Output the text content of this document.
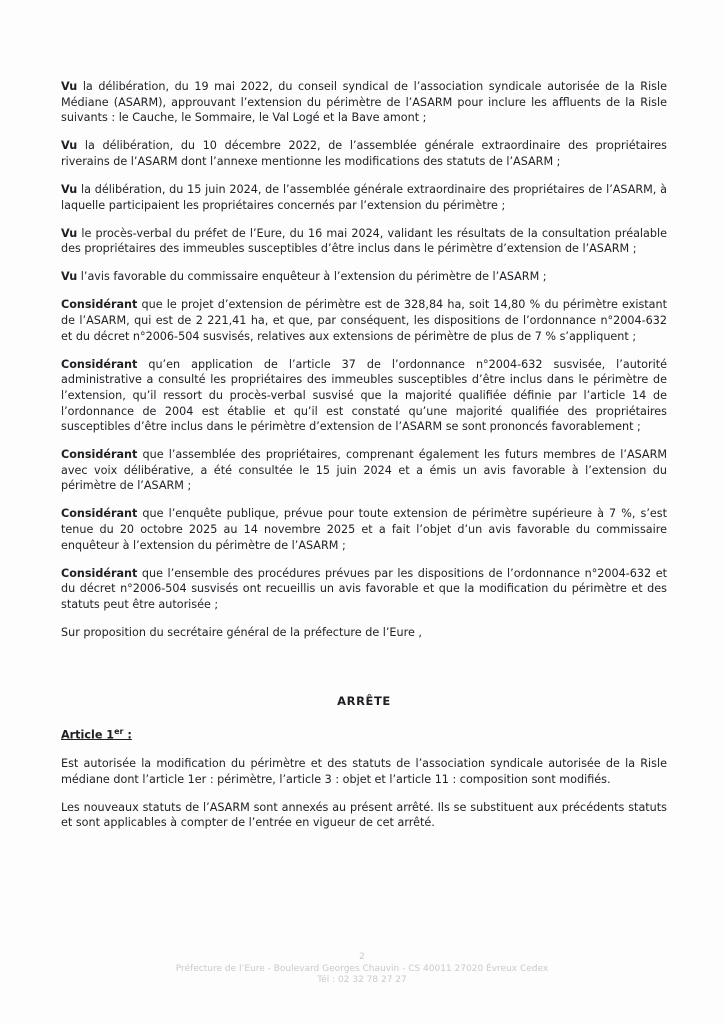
Vu la délibération, du 19 mai 2022, du conseil syndical de l’association syndicale autorisée de la Risle Médiane (ASARM), approuvant l’extension du périmètre de l’ASARM pour inclure les affluents de la Risle suivants : le Cauche, le Sommaire, le Val Logé et la Bave amont ;

Vu la délibération, du 10 décembre 2022, de l’assemblée générale extraordinaire des propriétaires riverains de l’ASARM dont l’annexe mentionne les modifications des statuts de l’ASARM ;

Vu la délibération, du 15 juin 2024, de l’assemblée générale extraordinaire des propriétaires de l’ASARM, à laquelle participaient les propriétaires concernés par l’extension du périmètre ;

Vu le procès-verbal du préfet de l’Eure, du 16 mai 2024, validant les résultats de la consultation préalable des propriétaires des immeubles susceptibles d’être inclus dans le périmètre d’extension de l’ASARM ;

Vu l’avis favorable du commissaire enquêteur à l’extension du périmètre de l’ASARM ;

Considérant que le projet d’extension de périmètre est de 328,84 ha, soit 14,80 % du périmètre existant de l’ASARM, qui est de 2 221,41 ha, et que, par conséquent, les dispositions de l’ordonnance n°2004-632 et du décret n°2006-504 susvisés, relatives aux extensions de périmètre de plus de 7 % s’appliquent ;

Considérant qu’en application de l’article 37 de l’ordonnance n°2004-632 susvisée, l’autorité administrative a consulté les propriétaires des immeubles susceptibles d’être inclus dans le périmètre de l’extension, qu’il ressort du procès-verbal susvisé que la majorité qualifiée définie par l’article 14 de l’ordonnance de 2004 est établie et qu’il est constaté qu’une majorité qualifiée des propriétaires susceptibles d’être inclus dans le périmètre d’extension de l’ASARM se sont prononcés favorablement ;

Considérant que l’assemblée des propriétaires, comprenant également les futurs membres de l’ASARM avec voix délibérative, a été consultée le 15 juin 2024 et a émis un avis favorable à l’extension du périmètre de l’ASARM ;

Considérant que l’enquête publique, prévue pour toute extension de périmètre supérieure à 7 %, s’est tenue du 20 octobre 2025 au 14 novembre 2025 et a fait l’objet d’un avis favorable du commissaire enquêteur à l’extension du périmètre de l’ASARM ;

Considérant que l’ensemble des procédures prévues par les dispositions de l’ordonnance n°2004-632 et du décret n°2006-504 susvisés ont recueillis un avis favorable et que la modification du périmètre et des statuts peut être autorisée ;

Sur proposition du secrétaire général de la préfecture de l’Eure ,

ARRÊTE
Article 1er :

Est autorisée la modification du périmètre et des statuts de l’association syndicale autorisée de la Risle médiane dont l’article 1er : périmètre, l’article 3 : objet et l’article 11 : composition sont modifiés.

Les nouveaux statuts de l’ASARM sont annexés au présent arrêté. Ils se substituent aux précédents statuts et sont applicables à compter de l’entrée en vigueur de cet arrêté.

2
Préfecture de l’Eure - Boulevard Georges Chauvin - CS 40011 27020 Évreux Cedex
Tél : 02 32 78 27 27
